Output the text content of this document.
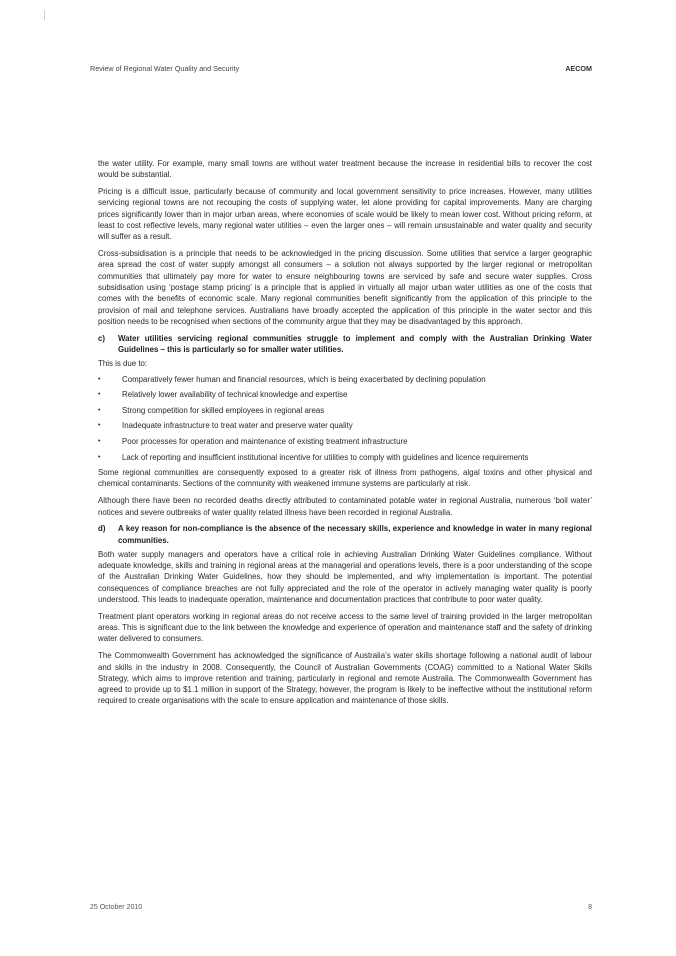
Review of Regional Water Quality and Security	AECOM

the water utility. For example, many small towns are without water treatment because the increase in residential bills to recover the cost would be substantial.

Pricing is a difficult issue, particularly because of community and local government sensitivity to price increases. However, many utilities servicing regional towns are not recouping the costs of supplying water, let alone providing for capital improvements. Many are charging prices significantly lower than in major urban areas, where economies of scale would be likely to mean lower cost. Without pricing reform, at least to cost reflective levels, many regional water utilities – even the larger ones – will remain unsustainable and water quality and security will suffer as a result.

Cross-subsidisation is a principle that needs to be acknowledged in the pricing discussion. Some utilities that service a larger geographic area spread the cost of water supply amongst all consumers – a solution not always supported by the larger regional or metropolitan communities that ultimately pay more for water to ensure neighbouring towns are serviced by safe and secure water supplies. Cross subsidisation using ‘postage stamp pricing’ is a principle that is applied in virtually all major urban water utilities as one of the costs that comes with the benefits of economic scale. Many regional communities benefit significantly from the application of this principle to the provision of mail and telephone services. Australians have broadly accepted the application of this principle in the water sector and this position needs to be recognised when sections of the community argue that they may be disadvantaged by this approach.

c)	Water utilities servicing regional communities struggle to implement and comply with the Australian Drinking Water Guidelines – this is particularly so for smaller water utilities.

This is due to:

•	Comparatively fewer human and financial resources, which is being exacerbated by declining population
•	Relatively lower availability of technical knowledge and expertise
•	Strong competition for skilled employees in regional areas
•	Inadequate infrastructure to treat water and preserve water quality
•	Poor processes for operation and maintenance of existing treatment infrastructure
•	Lack of reporting and insufficient institutional incentive for utilities to comply with guidelines and licence requirements

Some regional communities are consequently exposed to a greater risk of illness from pathogens, algal toxins and other physical and chemical contaminants. Sections of the community with weakened immune systems are particularly at risk.

Although there have been no recorded deaths directly attributed to contaminated potable water in regional Australia, numerous ‘boil water’ notices and severe outbreaks of water quality related illness have been recorded in regional Australia.

d)	A key reason for non-compliance is the absence of the necessary skills, experience and knowledge in water in many regional communities.

Both water supply managers and operators have a critical role in achieving Australian Drinking Water Guidelines compliance. Without adequate knowledge, skills and training in regional areas at the managerial and operations levels, there is a poor understanding of the scope of the Australian Drinking Water Guidelines, how they should be implemented, and why implementation is important. The potential consequences of compliance breaches are not fully appreciated and the role of the operator in actively managing water quality is poorly understood. This leads to inadequate operation, maintenance and documentation practices that contribute to poor water quality.

Treatment plant operators working in regional areas do not receive access to the same level of training provided in the larger metropolitan areas. This is significant due to the link between the knowledge and experience of operation and maintenance staff and the safety of drinking water delivered to consumers.

The Commonwealth Government has acknowledged the significance of Australia’s water skills shortage following a national audit of labour and skills in the industry in 2008. Consequently, the Council of Australian Governments (COAG) committed to a National Water Skills Strategy, which aims to improve retention and training, particularly in regional and remote Australia. The Commonwealth Government has agreed to provide up to $1.1 million in support of the Strategy, however, the program is likely to be ineffective without the institutional reform required to create organisations with the scale to ensure application and maintenance of those skills.

25 October 2010	8
